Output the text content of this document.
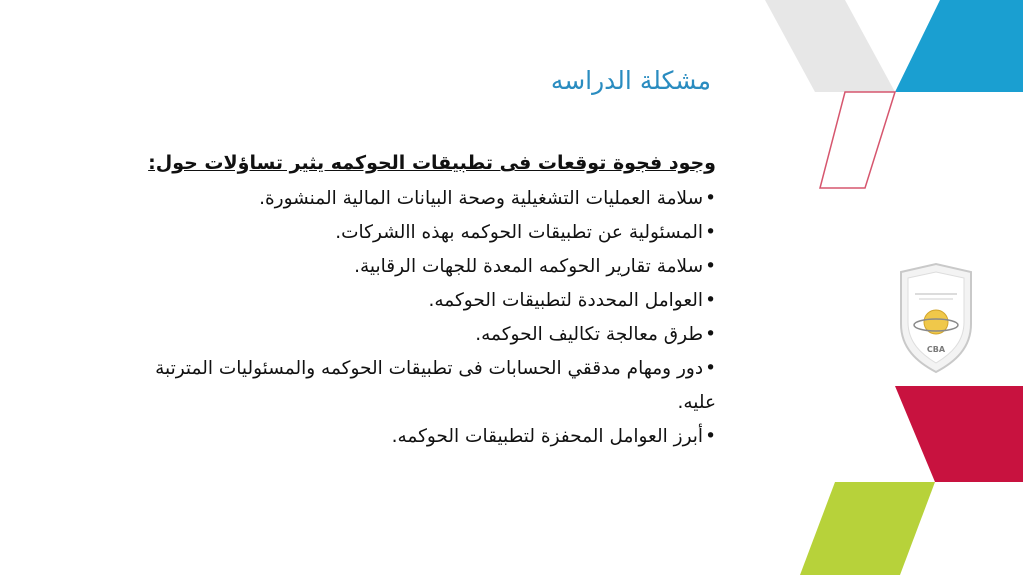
مشكلة الدراسه
وجود فجوة توقعات فى تطبيقات الحوكمه يثير تساؤلات حول:
•سلامة العمليات التشغيلية وصحة البيانات المالية المنشورة.
•المسئولية عن تطبيقات الحوكمه بهذه االشركات.
•سلامة تقارير الحوكمه المعدة للجهات الرقابية.
•العوامل المحددة لتطبيقات الحوكمه.
•طرق معالجة تكاليف الحوكمه.
•دور ومهام مدققي الحسابات فى تطبيقات الحوكمه والمسئوليات المترتبة عليه.
•أبرز العوامل المحفزة لتطبيقات الحوكمه.
CBA
